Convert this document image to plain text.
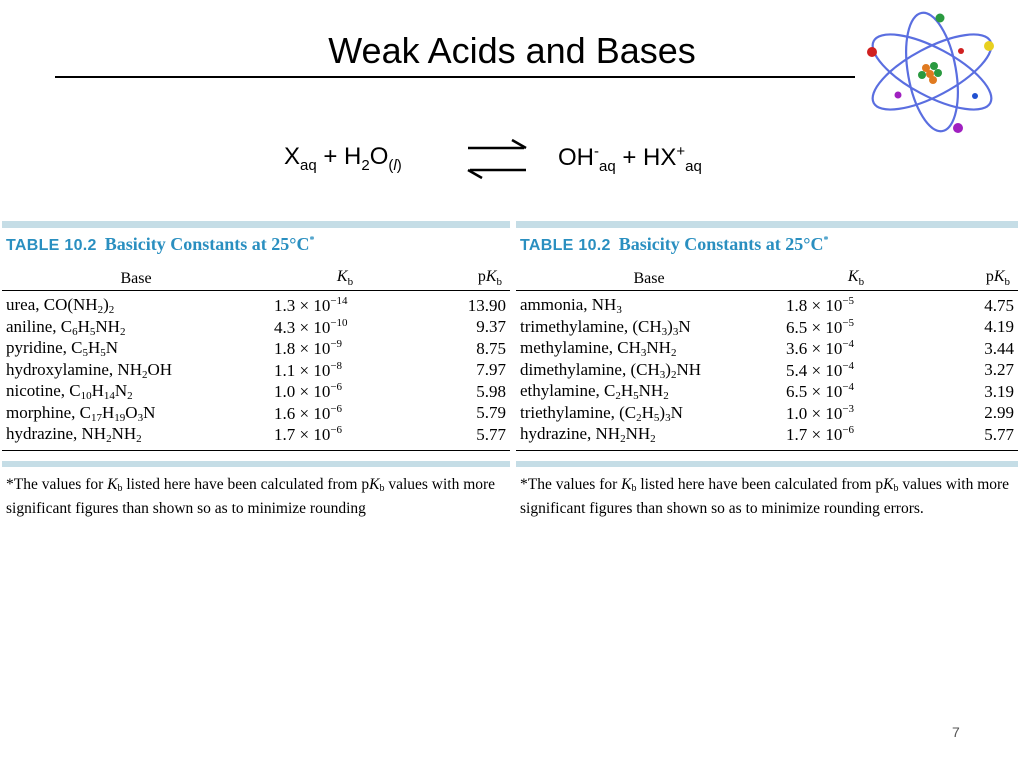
Weak Acids and Bases
$X_{aq} + H_2O_{(l)}$	$OH^-_{aq} + HX^+_{aq}$
TABLE 10.2 Basicity Constants at 25°C*
Base	$K_b$	$pK_b$
urea, $CO(NH_2)_2$	$1.3 \times 10^{-14}$	13.90
aniline, $C_6H_5NH_2$	$4.3 \times 10^{-10}$	9.37
pyridine, $C_5H_5N$	$1.8 \times 10^{-9}$	8.75
hydroxylamine, $NH_2OH$	$1.1 \times 10^{-8}$	7.97
nicotine, $C_{10}H_{14}N_2$	$1.0 \times 10^{-6}$	5.98
morphine, $C_{17}H_{19}O_3N$	$1.6 \times 10^{-6}$	5.79
hydrazine, $NH_2NH_2$	$1.7 \times 10^{-6}$	5.77
*The values for $K_b$ listed here have been calculated from $pK_b$ values with more significant figures than shown so as to minimize rounding
TABLE 10.2 Basicity Constants at 25°C*
Base	$K_b$	$pK_b$
ammonia, $NH_3$	$1.8 \times 10^{-5}$	4.75
trimethylamine, $(CH_3)_3N$	$6.5 \times 10^{-5}$	4.19
methylamine, $CH_3NH_2$	$3.6 \times 10^{-4}$	3.44
dimethylamine, $(CH_3)_2NH$	$5.4 \times 10^{-4}$	3.27
ethylamine, $C_2H_5NH_2$	$6.5 \times 10^{-4}$	3.19
triethylamine, $(C_2H_5)_3N$	$1.0 \times 10^{-3}$	2.99
hydrazine, $NH_2NH_2$	$1.7 \times 10^{-6}$	5.77
*The values for $K_b$ listed here have been calculated from $pK_b$ values with more significant figures than shown so as to minimize rounding errors.
7
